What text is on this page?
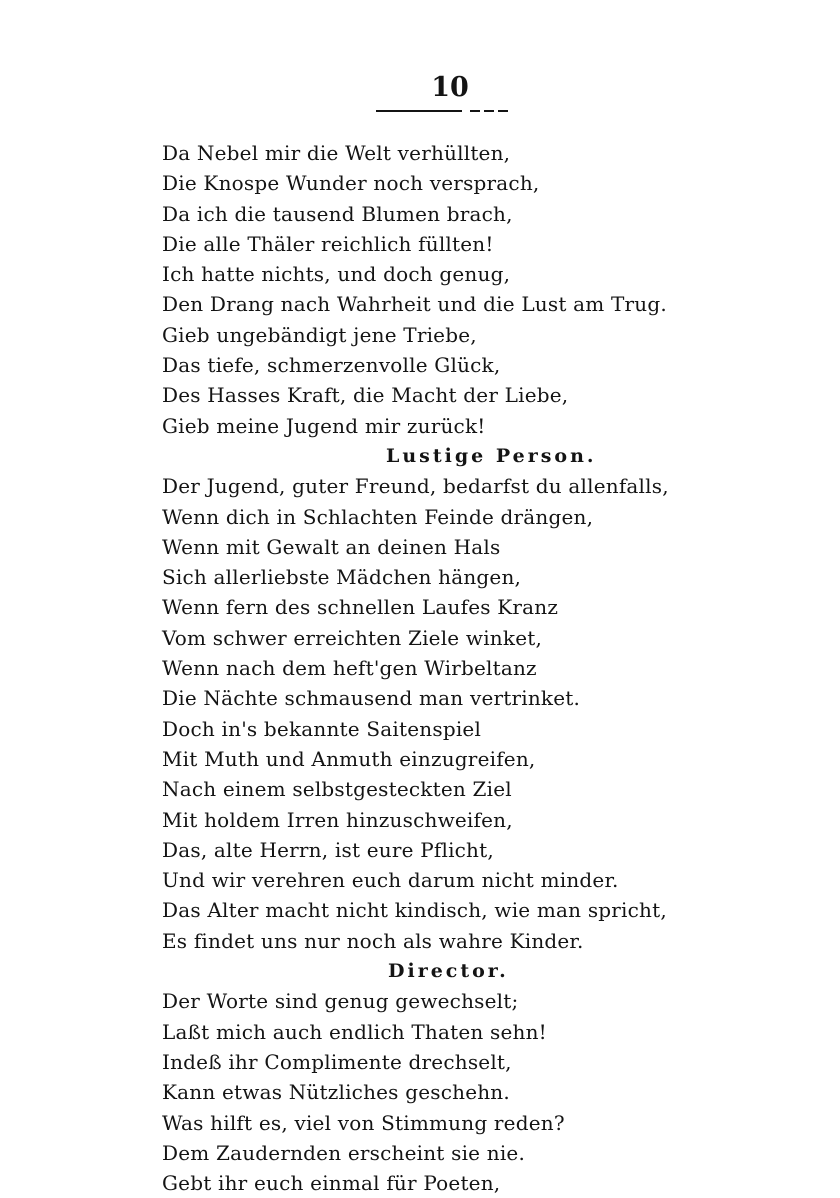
10
Da Nebel mir die Welt verhüllten,
Die Knospe Wunder noch versprach,
Da ich die tausend Blumen brach,
Die alle Thäler reichlich füllten!
Ich hatte nichts, und doch genug,
Den Drang nach Wahrheit und die Lust am Trug.
Gieb ungebändigt jene Triebe,
Das tiefe, schmerzenvolle Glück,
Des Hasses Kraft, die Macht der Liebe,
Gieb meine Jugend mir zurück!
Lustige Person.
Der Jugend, guter Freund, bedarfst du allenfalls,
Wenn dich in Schlachten Feinde drängen,
Wenn mit Gewalt an deinen Hals
Sich allerliebste Mädchen hängen,
Wenn fern des schnellen Laufes Kranz
Vom schwer erreichten Ziele winket,
Wenn nach dem heft'gen Wirbeltanz
Die Nächte schmausend man vertrinket.
Doch in's bekannte Saitenspiel
Mit Muth und Anmuth einzugreifen,
Nach einem selbstgesteckten Ziel
Mit holdem Irren hinzuschweifen,
Das, alte Herrn, ist eure Pflicht,
Und wir verehren euch darum nicht minder.
Das Alter macht nicht kindisch, wie man spricht,
Es findet uns nur noch als wahre Kinder.
Director.
Der Worte sind genug gewechselt;
Laßt mich auch endlich Thaten sehn!
Indeß ihr Complimente drechselt,
Kann etwas Nützliches geschehn.
Was hilft es, viel von Stimmung reden?
Dem Zaudernden erscheint sie nie.
Gebt ihr euch einmal für Poeten,
